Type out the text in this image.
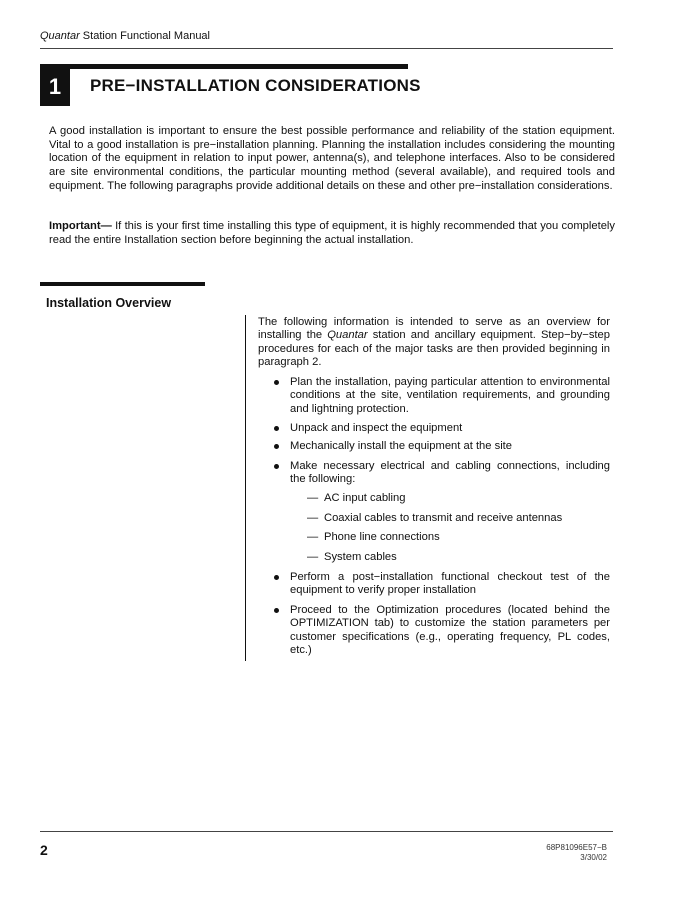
Quantar Station Functional Manual
1	PRE−INSTALLATION CONSIDERATIONS

A good installation is important to ensure the best possible performance and reliability of the station equipment. Vital to a good installation is pre−installation planning. Planning the installation includes considering the mounting location of the equipment in relation to input power, antenna(s), and telephone interfaces. Also to be considered are site environmental conditions, the particular mounting method (several available), and required tools and equipment. The following paragraphs provide additional details on these and other pre−installation considerations.

Important— If this is your first time installing this type of equipment, it is highly recommended that you completely read the entire Installation section before beginning the actual installation.

Installation Overview

The following information is intended to serve as an overview for installing the Quantar station and ancillary equipment. Step−by−step procedures for each of the major tasks are then provided beginning in paragraph 2.

Plan the installation, paying particular attention to environmental conditions at the site, ventilation requirements, and grounding and lightning protection.
Unpack and inspect the equipment
Mechanically install the equipment at the site
Make necessary electrical and cabling connections, including the following:
Perform a post−installation functional checkout test of the equipment to verify proper installation
Proceed to the Optimization procedures (located behind the OPTIMIZATION tab) to customize the station parameters per customer specifications (e.g., operating frequency, PL codes, etc.)
— AC input cabling
— Coaxial cables to transmit and receive antennas
— Phone line connections
— System cables
2	68P81096E57−B
3/30/02
